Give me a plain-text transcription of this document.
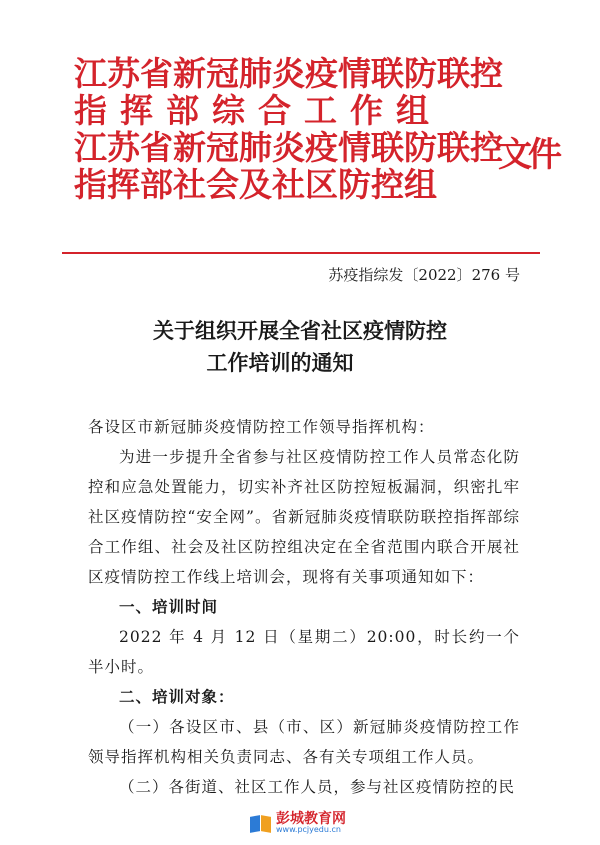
江苏省新冠肺炎疫情联防联控
指挥部综合工作组
江苏省新冠肺炎疫情联防联控
指挥部社会及社区防控组
文件
苏疫指综发〔2022〕276 号
关于组织开展全省社区疫情防控
工作培训的通知

各设区市新冠肺炎疫情防控工作领导指挥机构：

为进一步提升全省参与社区疫情防控工作人员常态化防控和应急处置能力，切实补齐社区防控短板漏洞，织密扎牢社区疫情防控“安全网”。省新冠肺炎疫情联防联控指挥部综合工作组、社会及社区防控组决定在全省范围内联合开展社区疫情防控工作线上培训会，现将有关事项通知如下：

一、培训时间

2022 年 4 月 12 日（星期二）20:00，时长约一个半小时。

二、培训对象：

（一）各设区市、县（市、区）新冠肺炎疫情防控工作领导指挥机构相关负责同志、各有关专项组工作人员。

（二）各街道、社区工作人员，参与社区疫情防控的民

彭城教育网
www.pcjyedu.cn
